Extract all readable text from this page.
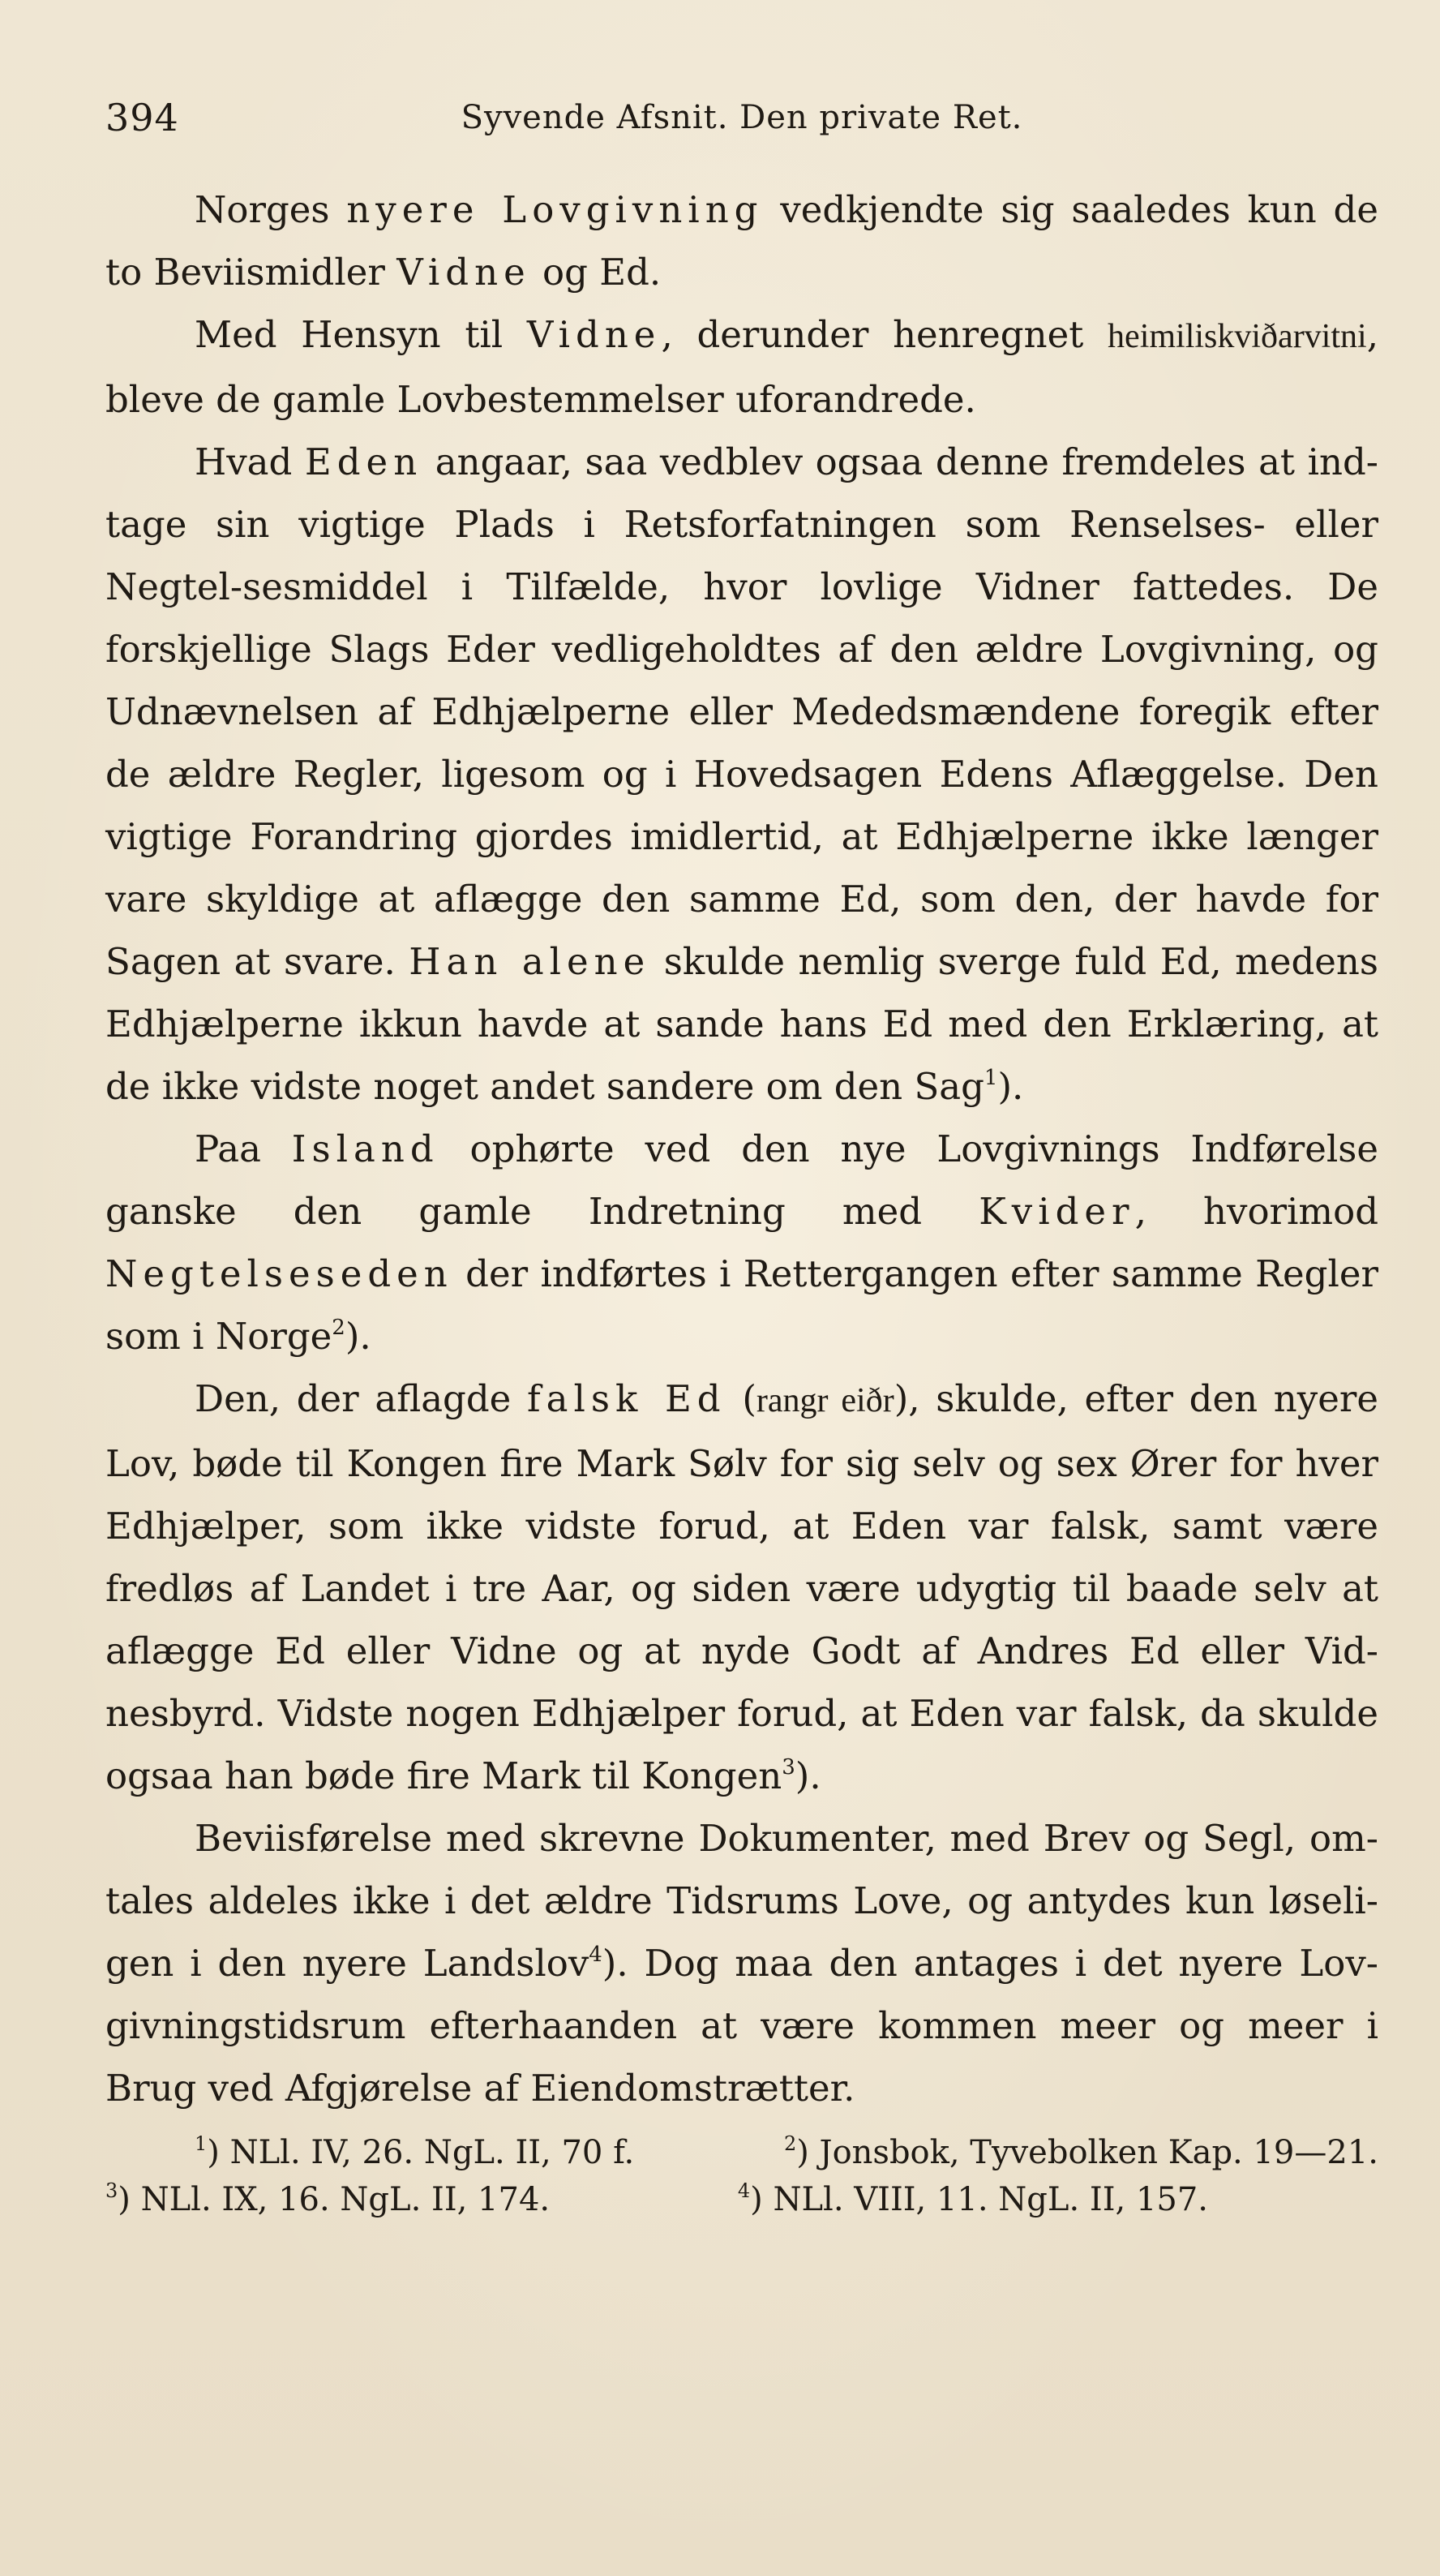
394	Syvende Afsnit. Den private Ret.

Norges nyere Lovgivning vedkjendte sig saaledes kun de to Beviismidler Vidne og Ed.

Med Hensyn til Vidne, derunder henregnet heimiliskviðarvitni, bleve de gamle Lovbestemmelser uforandrede.

Hvad Eden angaar, saa vedblev ogsaa denne fremdeles at ind-tage sin vigtige Plads i Retsforfatningen som Renselses- eller Negtel-sesmiddel i Tilfælde, hvor lovlige Vidner fattedes. De forskjellige Slags Eder vedligeholdtes af den ældre Lovgivning, og Udnævnelsen af Edhjælperne eller Mededsmændene foregik efter de ældre Regler, ligesom og i Hovedsagen Edens Aflæggelse. Den vigtige Forandring gjordes imidlertid, at Edhjælperne ikke længer vare skyldige at aflægge den samme Ed, som den, der havde for Sagen at svare. Han alene skulde nemlig sverge fuld Ed, medens Edhjælperne ikkun havde at sande hans Ed med den Erklæring, at de ikke vidste noget andet sandere om den Sag$^1$).

Paa Island ophørte ved den nye Lovgivnings Indførelse ganske den gamle Indretning med Kvider, hvorimod Negtelseseden der indførtes i Rettergangen efter samme Regler som i Norge$^2$).

Den, der aflagde falsk Ed (rangr eiðr), skulde, efter den nyere Lov, bøde til Kongen fire Mark Sølv for sig selv og sex Ører for hver Edhjælper, som ikke vidste forud, at Eden var falsk, samt være fredløs af Landet i tre Aar, og siden være udygtig til baade selv at aflægge Ed eller Vidne og at nyde Godt af Andres Ed eller Vid-nesbyrd. Vidste nogen Edhjælper forud, at Eden var falsk, da skulde ogsaa han bøde fire Mark til Kongen$^3$).

Beviisførelse med skrevne Dokumenter, med Brev og Segl, om-tales aldeles ikke i det ældre Tidsrums Love, og antydes kun løseli-gen i den nyere Landslov$^4$). Dog maa den antages i det nyere Lov-givningstidsrum efterhaanden at være kommen meer og meer i Brug ved Afgjørelse af Eiendomstrætter.

$^1$) NLl. IV, 26. NgL. II, 70 f.	$^2$) Jonsbok, Tyvebolken Kap. 19—21.
$^3$) NLl. IX, 16. NgL. II, 174.	$^4$) NLl. VIII, 11. NgL. II, 157.
